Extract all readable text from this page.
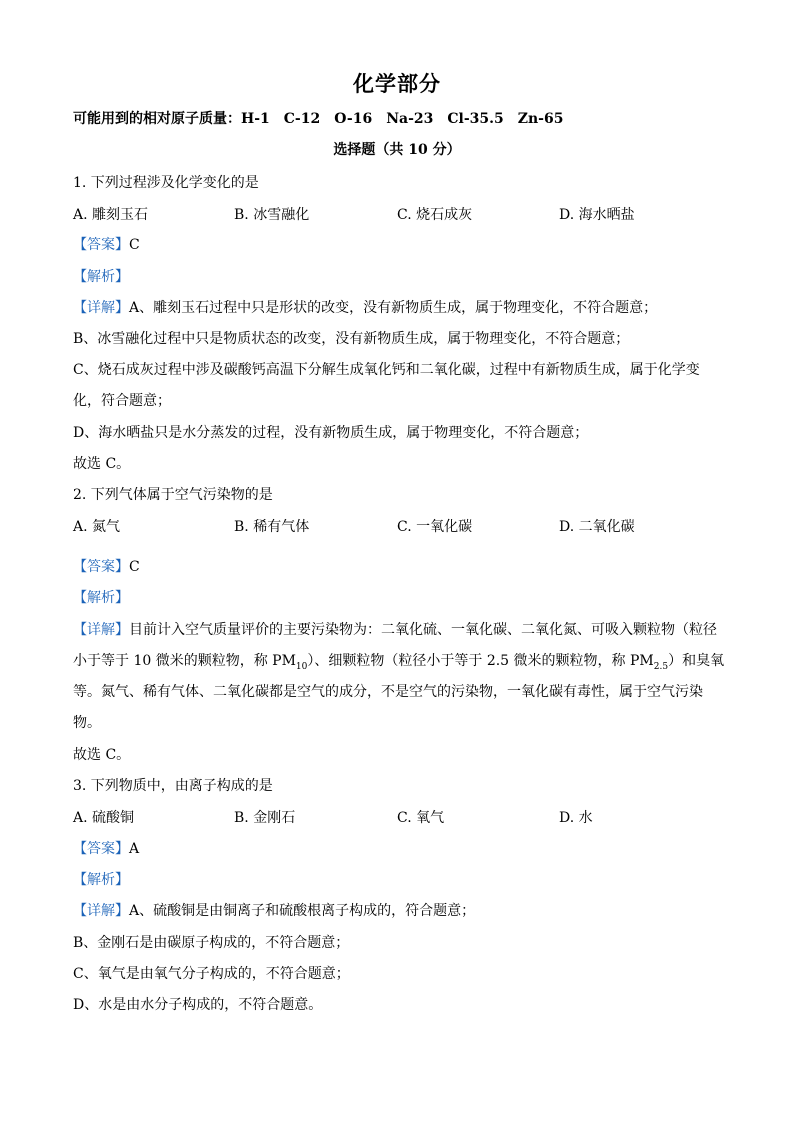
化学部分
可能用到的相对原子质量：H-1　C-12　O-16　Na-23　Cl-35.5　Zn-65
选择题（共 10 分）
1. 下列过程涉及化学变化的是
A. 雕刻玉石	B. 冰雪融化	C. 烧石成灰	D. 海水晒盐
【答案】C
【解析】
【详解】A、雕刻玉石过程中只是形状的改变，没有新物质生成，属于物理变化，不符合题意；
B、冰雪融化过程中只是物质状态的改变，没有新物质生成，属于物理变化，不符合题意；
C、烧石成灰过程中涉及碳酸钙高温下分解生成氧化钙和二氧化碳，过程中有新物质生成，属于化学变
化，符合题意；
D、海水晒盐只是水分蒸发的过程，没有新物质生成，属于物理变化，不符合题意；
故选 C。
2. 下列气体属于空气污染物的是
A. 氮气	B. 稀有气体	C. 一氧化碳	D. 二氧化碳
【答案】C
【解析】
【详解】目前计入空气质量评价的主要污染物为：二氧化硫、一氧化碳、二氧化氮、可吸入颗粒物（粒径
小于等于 10 微米的颗粒物，称 $PM_{10}$）、细颗粒物（粒径小于等于 2.5 微米的颗粒物，称 $PM_{2.5}$）和臭氧
等。氮气、稀有气体、二氧化碳都是空气的成分，不是空气的污染物，一氧化碳有毒性，属于空气污染
物。
故选 C。
3. 下列物质中，由离子构成的是
A. 硫酸铜	B. 金刚石	C. 氧气	D. 水
【答案】A
【解析】
【详解】A、硫酸铜是由铜离子和硫酸根离子构成的，符合题意；
B、金刚石是由碳原子构成的，不符合题意；
C、氧气是由氧气分子构成的，不符合题意；
D、水是由水分子构成的，不符合题意。
